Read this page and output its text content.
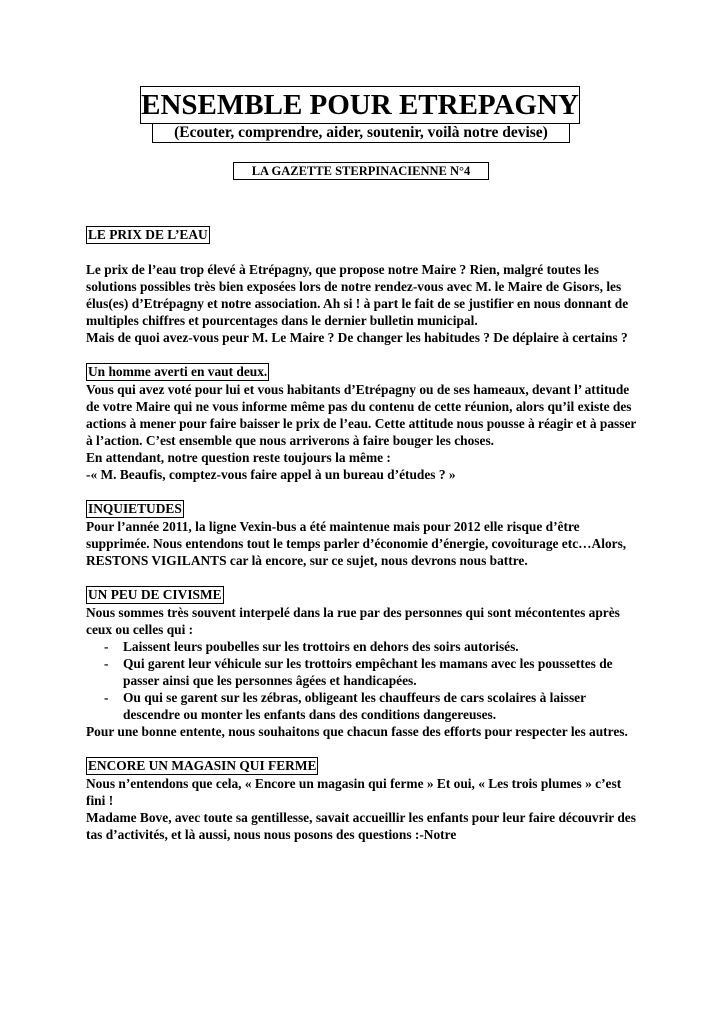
ENSEMBLE POUR ETREPAGNY
(Ecouter, comprendre, aider, soutenir, voilà notre devise)
LA GAZETTE STERPINACIENNE N°4
LE PRIX DE L’EAU

Le prix de l’eau trop élevé à Etrépagny, que propose notre Maire ? Rien, malgré toutes les solutions possibles très bien exposées lors de notre rendez-vous avec M. le Maire de Gisors, les élus(es) d’Etrépagny et notre association. Ah si ! à part le fait de se justifier en nous donnant de multiples chiffres et pourcentages dans le dernier bulletin municipal.

Mais de quoi avez-vous peur M. Le Maire ? De changer les habitudes ? De déplaire à certains ?

Un homme averti en vaut deux.

Vous qui avez voté pour lui et vous habitants d’Etrépagny ou de ses hameaux, devant l’ attitude de votre Maire qui ne vous informe même pas du contenu de cette réunion, alors qu’il existe des actions à mener pour faire baisser le prix de l’eau. Cette attitude nous pousse à réagir et à passer à l’action. C’est ensemble que nous arriverons à faire bouger les choses.

En attendant, notre question reste toujours la même :

-« M. Beaufis, comptez-vous faire appel à un bureau d’études ? »

INQUIETUDES

Pour l’année 2011, la ligne Vexin-bus a été maintenue mais pour 2012 elle risque d’être supprimée. Nous entendons tout le temps parler d’économie d’énergie, covoiturage etc…Alors, RESTONS VIGILANTS car là encore, sur ce sujet, nous devrons nous battre.

UN PEU DE CIVISME

Nous sommes très souvent interpelé dans la rue par des personnes qui sont mécontentes après ceux ou celles qui :

- Laissent leurs poubelles sur les trottoirs en dehors des soirs autorisés.
- Qui garent leur véhicule sur les trottoirs empêchant les mamans avec les poussettes de passer ainsi que les personnes âgées et handicapées.
- Ou qui se garent sur les zébras, obligeant les chauffeurs de cars scolaires à laisser descendre ou monter les enfants dans des conditions dangereuses.

Pour une bonne entente, nous souhaitons que chacun fasse des efforts pour respecter les autres.

ENCORE UN MAGASIN QUI FERME

Nous n’entendons que cela, « Encore un magasin qui ferme » Et oui, « Les trois plumes » c’est fini !

Madame Bove, avec toute sa gentillesse, savait accueillir les enfants pour leur faire découvrir des tas d’activités, et là aussi, nous nous posons des questions :-Notre
